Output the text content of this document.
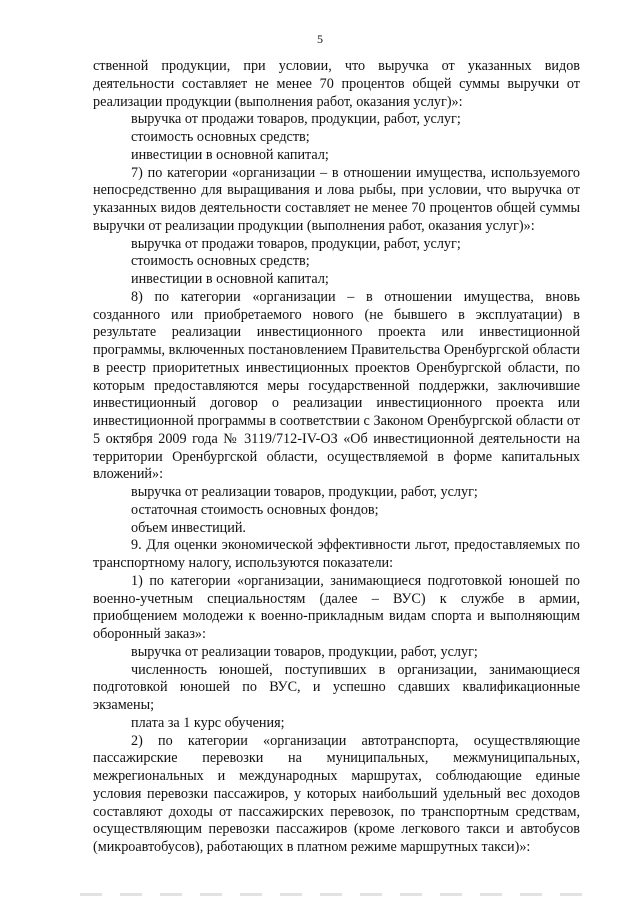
5

ственной продукции, при условии, что выручка от указанных видов деятельности составляет не менее 70 процентов общей суммы выручки от реализации продукции (выполнения работ, оказания услуг)»:

выручка от продажи товаров, продукции, работ, услуг;

стоимость основных средств;

инвестиции в основной капитал;

7) по категории «организации – в отношении имущества, используемого непосредственно для выращивания и лова рыбы, при условии, что выручка от указанных видов деятельности составляет не менее 70 процентов общей суммы выручки от реализации продукции (выполнения работ, оказания услуг)»:

выручка от продажи товаров, продукции, работ, услуг;

стоимость основных средств;

инвестиции в основной капитал;

8) по категории «организации – в отношении имущества, вновь созданного или приобретаемого нового (не бывшего в эксплуатации) в результате реализации инвестиционного проекта или инвестиционной программы, включенных постановлением Правительства Оренбургской области в реестр приоритетных инвестиционных проектов Оренбургской области, по которым предоставляются меры государственной поддержки, заключившие инвестиционный договор о реализации инвестиционного проекта или инвестиционной программы в соответствии с Законом Оренбургской области от 5 октября 2009 года № 3119/712-IV-ОЗ «Об инвестиционной деятельности на территории Оренбургской области, осуществляемой в форме капитальных вложений»:

выручка от реализации товаров, продукции, работ, услуг;

остаточная стоимость основных фондов;

объем инвестиций.

9. Для оценки экономической эффективности льгот, предоставляемых по транспортному налогу, используются показатели:

1) по категории «организации, занимающиеся подготовкой юношей по военно-учетным специальностям (далее – ВУС) к службе в армии, приобщением молодежи к военно-прикладным видам спорта и выполняющим оборонный заказ»:

выручка от реализации товаров, продукции, работ, услуг;

численность юношей, поступивших в организации, занимающиеся подготовкой юношей по ВУС, и успешно сдавших квалификационные экзамены;

плата за 1 курс обучения;

2) по категории «организации автотранспорта, осуществляющие пассажирские перевозки на муниципальных, межмуниципальных, межрегиональных и международных маршрутах, соблюдающие единые условия перевозки пассажиров, у которых наибольший удельный вес доходов составляют доходы от пассажирских перевозок, по транспортным средствам, осуществляющим перевозки пассажиров (кроме легкового такси и автобусов (микроавтобусов), работающих в платном режиме маршрутных такси)»:
